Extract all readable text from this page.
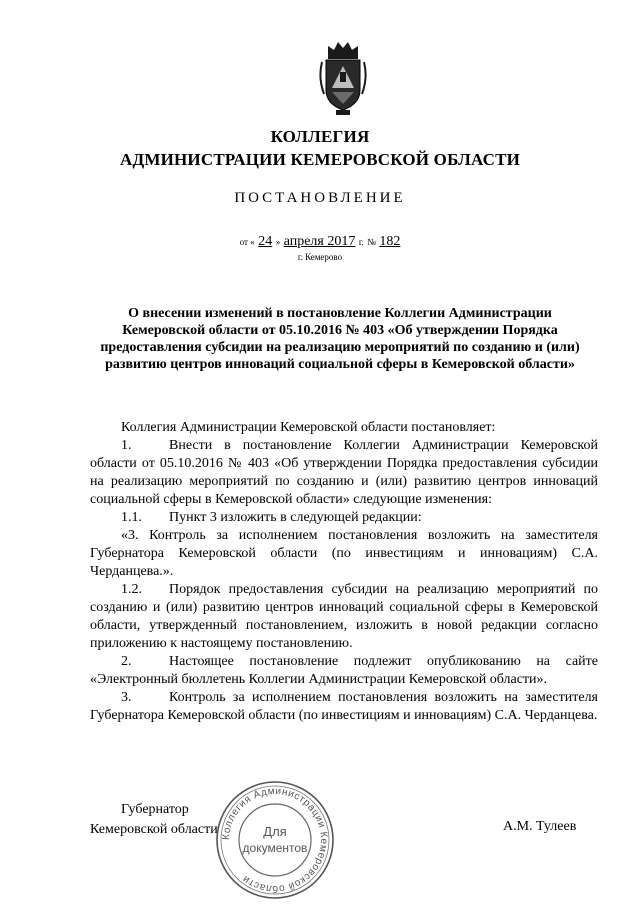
КОЛЛЕГИЯ
АДМИНИСТРАЦИИ КЕМЕРОВСКОЙ ОБЛАСТИ
ПОСТАНОВЛЕНИЕ
от « 24 » апреля 2017 г. № 182
г. Кемерово
О внесении изменений в постановление Коллегии Администрации Кемеровской области от 05.10.2016 № 403 «Об утверждении Порядка предоставления субсидии на реализацию мероприятий по созданию и (или) развитию центров инноваций социальной сферы в Кемеровской области»

Коллегия Администрации Кемеровской области постановляет:

1.	Внести в постановление Коллегии Администрации Кемеровской области от 05.10.2016 № 403 «Об утверждении Порядка предоставления субсидии на реализацию мероприятий по созданию и (или) развитию центров инноваций социальной сферы в Кемеровской области» следующие изменения:

1.1. Пункт 3 изложить в следующей редакции:

«3. Контроль за исполнением постановления возложить на заместителя Губернатора Кемеровской области (по инвестициям и инновациям) С.А. Черданцева.».

1.2. Порядок предоставления субсидии на реализацию мероприятий по созданию и (или) развитию центров инноваций социальной сферы в Кемеровской области, утвержденный постановлением, изложить в новой редакции согласно приложению к настоящему постановлению.

2.	Настоящее постановление подлежит опубликованию на сайте «Электронный бюллетень Коллегии Администрации Кемеровской области».

3.	Контроль за исполнением постановления возложить на заместителя Губернатора Кемеровской области (по инвестициям и инновациям) С.А. Черданцева.

Губернатор
Кемеровской области	А.М. Тулеев
Коллегия Администрации Кемеровской области
Для
документов
